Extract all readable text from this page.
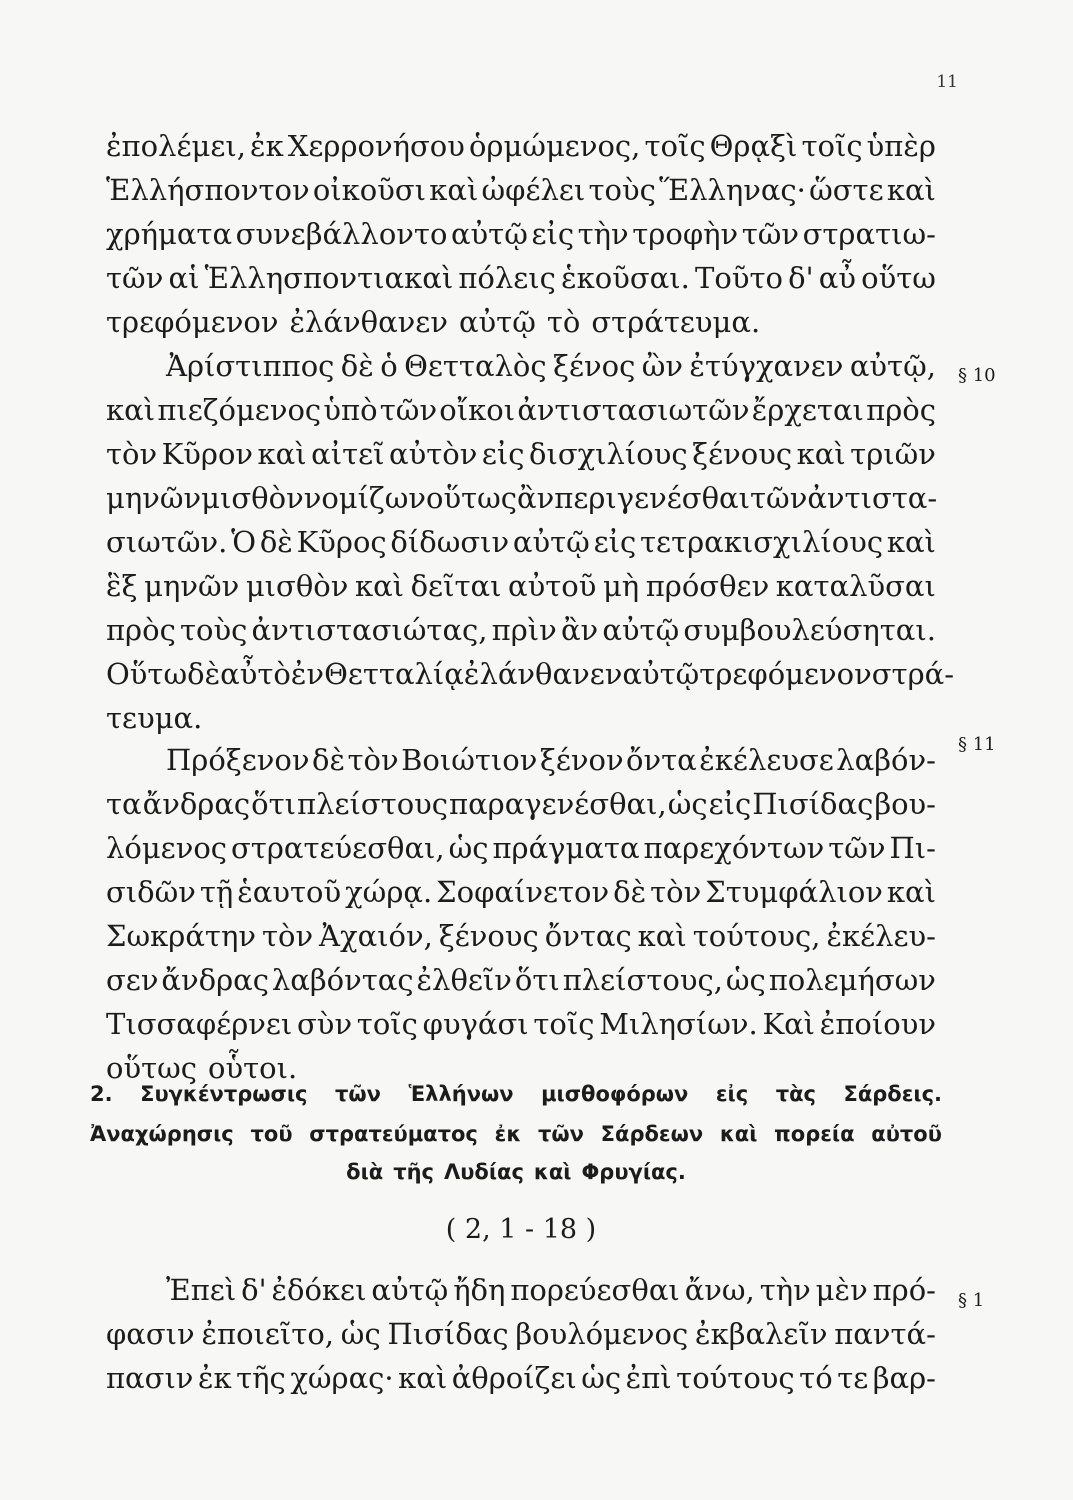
11
ἐπολέμει, ἐκ Χερρονήσου ὁρμώμενος, τοῖς Θρᾳξὶ τοῖς ὑπὲρ
Ἑλλήσποντον οἰκοῦσι καὶ ὠφέλει τοὺς Ἕλληνας· ὥστε καὶ
χρήματα συνεβάλλοντο αὐτῷ εἰς τὴν τροφὴν τῶν στρατιω-
τῶν αἱ Ἑλλησποντιακαὶ πόλεις ἑκοῦσαι. Τοῦτο δ' αὖ οὕτω
τρεφόμενον ἐλάνθανεν αὐτῷ τὸ στράτευμα.
Ἀρίστιππος δὲ ὁ Θετταλὸς ξένος ὢν ἐτύγχανεν αὐτῷ, § 10
καὶ πιεζόμενος ὑπὸ τῶν οἴκοι ἀντιστασιωτῶν ἔρχεται πρὸς
τὸν Κῦρον καὶ αἰτεῖ αὐτὸν εἰς δισχιλίους ξένους καὶ τριῶν
μηνῶν μισθὸν νομίζων οὕτως ἂν περιγενέσθαι τῶν ἀντιστα-
σιωτῶν. Ὁ δὲ Κῦρος δίδωσιν αὐτῷ εἰς τετρακισχιλίους καὶ
ἓξ μηνῶν μισθὸν καὶ δεῖται αὐτοῦ μὴ πρόσθεν καταλῦσαι
πρὸς τοὺς ἀντιστασιώτας, πρὶν ἂν αὐτῷ συμβουλεύσηται.
Οὕτω δὲ αὖ τὸ ἐν Θετταλίᾳ ἐλάνθανεν αὐτῷ τρεφόμενον στρά-
τευμα.
Πρόξενον δὲ τὸν Βοιώτιον ξένον ὄντα ἐκέλευσε λαβόν- § 11
τα ἄνδρας ὅτι πλείστους παραγενέσθαι, ὡς εἰς Πισίδας βου-
λόμενος στρατεύεσθαι, ὡς πράγματα παρεχόντων τῶν Πι-
σιδῶν τῇ ἑαυτοῦ χώρᾳ. Σοφαίνετον δὲ τὸν Στυμφάλιον καὶ
Σωκράτην τὸν Ἀχαιόν, ξένους ὄντας καὶ τούτους, ἐκέλευ-
σεν ἄνδρας λαβόντας ἐλθεῖν ὅτι πλείστους, ὡς πολεμήσων
Τισσαφέρνει σὺν τοῖς φυγάσι τοῖς Μιλησίων. Καὶ ἐποίουν
οὕτως οὗτοι.
2. Συγκέντρωσις τῶν Ἑλλήνων μισθοφόρων εἰς τὰς Σάρδεις.
Ἀναχώρησις τοῦ στρατεύματος ἐκ τῶν Σάρδεων καὶ πορεία αὐτοῦ
διὰ τῆς Λυδίας καὶ Φρυγίας.
( 2, 1 - 18 )
Ἐπεὶ δ' ἐδόκει αὐτῷ ἤδη πορεύεσθαι ἄνω, τὴν μὲν πρό- § 1
φασιν ἐποιεῖτο, ὡς Πισίδας βουλόμενος ἐκβαλεῖν παντά-
πασιν ἐκ τῆς χώρας· καὶ ἀθροίζει ὡς ἐπὶ τούτους τό τε βαρ-
